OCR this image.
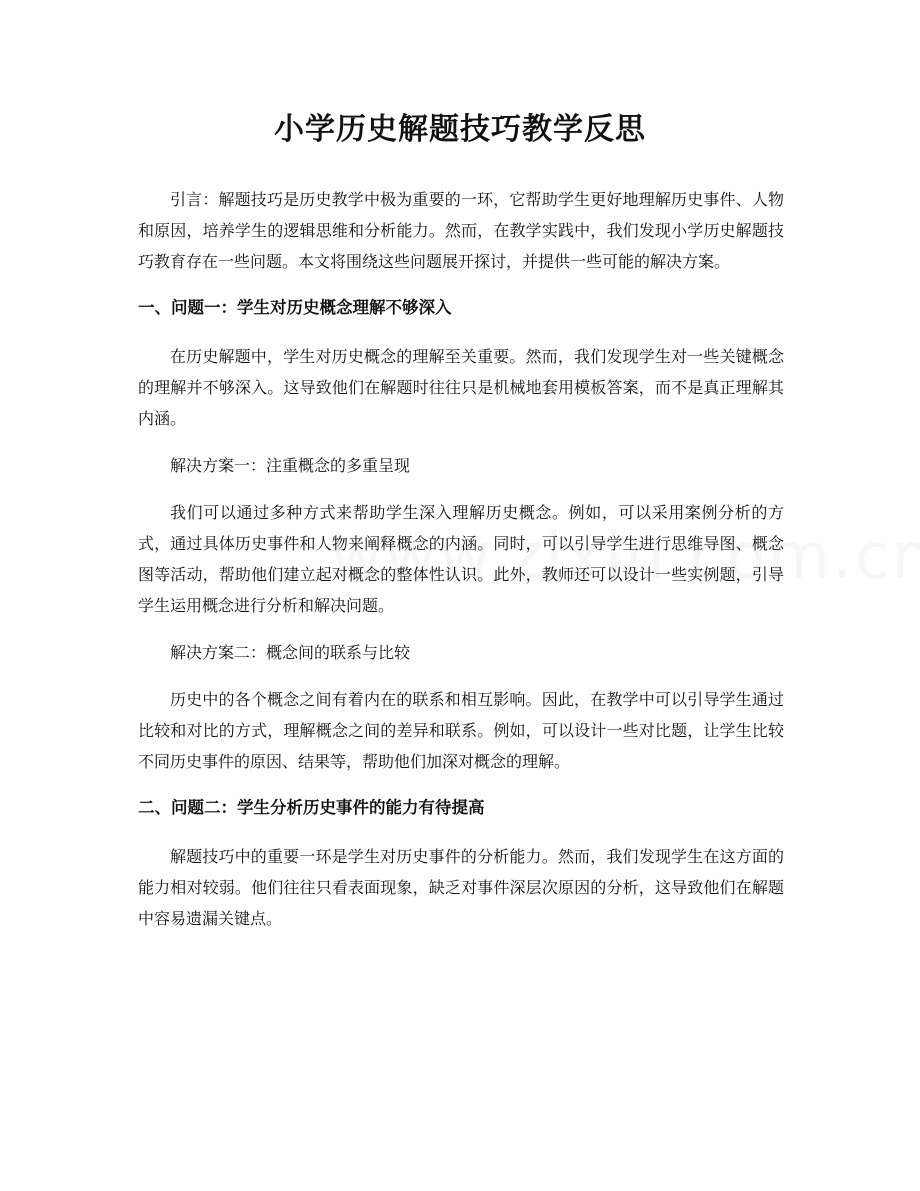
小学历史解题技巧教学反思

引言：解题技巧是历史教学中极为重要的一环，它帮助学生更好地理解历史事件、人物和原因，培养学生的逻辑思维和分析能力。然而，在教学实践中，我们发现小学历史解题技巧教育存在一些问题。本文将围绕这些问题展开探讨，并提供一些可能的解决方案。

一、问题一：学生对历史概念理解不够深入

在历史解题中，学生对历史概念的理解至关重要。然而，我们发现学生对一些关键概念的理解并不够深入。这导致他们在解题时往往只是机械地套用模板答案，而不是真正理解其内涵。

解决方案一：注重概念的多重呈现

我们可以通过多种方式来帮助学生深入理解历史概念。例如，可以采用案例分析的方式，通过具体历史事件和人物来阐释概念的内涵。同时，可以引导学生进行思维导图、概念图等活动，帮助他们建立起对概念的整体性认识。此外，教师还可以设计一些实例题，引导学生运用概念进行分析和解决问题。

解决方案二：概念间的联系与比较

历史中的各个概念之间有着内在的联系和相互影响。因此，在教学中可以引导学生通过比较和对比的方式，理解概念之间的差异和联系。例如，可以设计一些对比题，让学生比较不同历史事件的原因、结果等，帮助他们加深对概念的理解。

二、问题二：学生分析历史事件的能力有待提高

解题技巧中的重要一环是学生对历史事件的分析能力。然而，我们发现学生在这方面的能力相对较弱。他们往往只看表面现象，缺乏对事件深层次原因的分析，这导致他们在解题中容易遗漏关键点。
